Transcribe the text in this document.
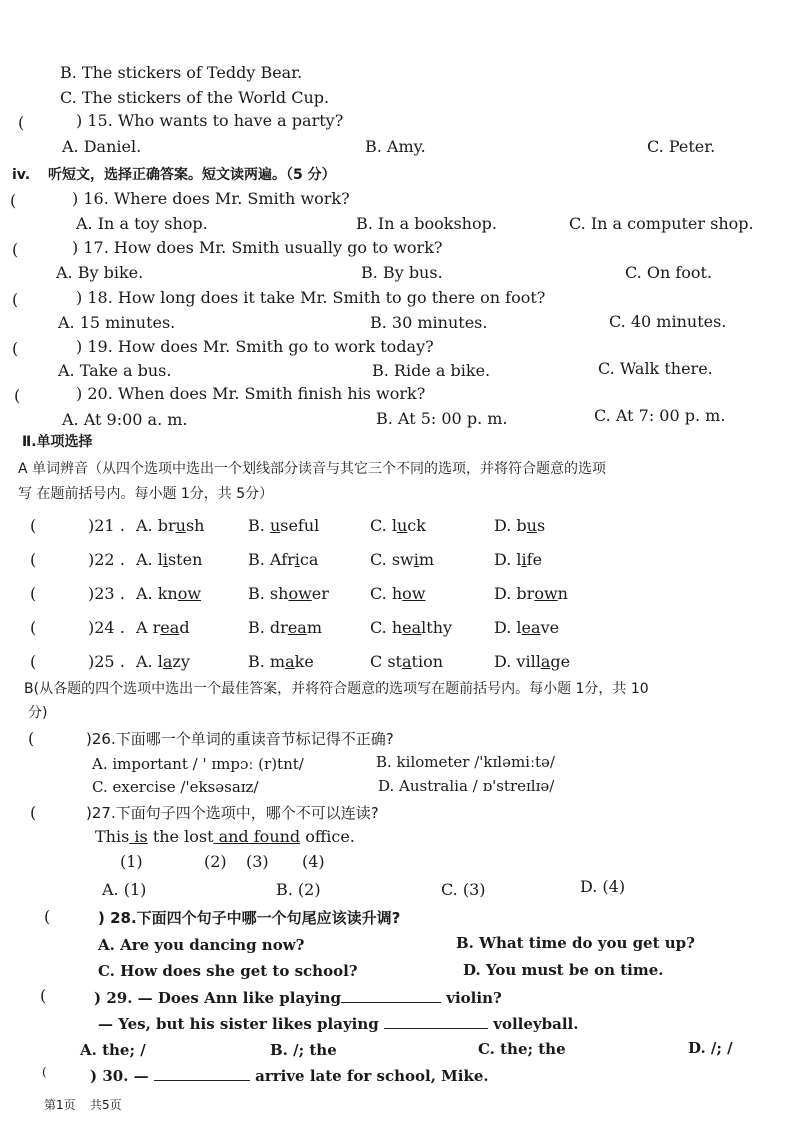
B. The stickers of Teddy Bear.
C. The stickers of the World Cup.
(	) 15. Who wants to have a party?
A. Daniel.	B. Amy.	C. Peter.
iv. 听短文，选择正确答案。短文读两遍。（5 分）
(	) 16. Where does Mr. Smith work?
A. In a toy shop.	B. In a bookshop.	C. In a computer shop.
(	) 17. How does Mr. Smith usually go to work?
A. By bike.	B. By bus.	C. On foot.
(	) 18. How long does it take Mr. Smith to go there on foot?
A. 15 minutes.	B. 30 minutes.	C. 40 minutes.
(	) 19. How does Mr. Smith go to work today?
A. Take a bus.	B. Ride a bike.	C. Walk there.
(	) 20. When does Mr. Smith finish his work?
A. At 9:00 a. m.	B. At 5: 00 p. m.	C. At 7: 00 p. m.
Ⅱ.单项选择
A 单词辨音（从四个选项中选出一个划线部分读音与其它三个不同的选项，并将符合题意的选项
写 在题前括号内。每小题 1分，共 5分）
(	)21 . A. brush	B. useful	C. luck	D. bus
(	)22 . A. listen	B. Africa	C. swim	D. life
(	)23 . A. know	B. shower	C. how	D. brown
(	)24 . A read	B. dream	C. healthy	D. leave
(	)25 . A. lazy	B. make	C station	D. village
B(从各题的四个选项中选出一个最佳答案，并将符合题意的选项写在题前括号内。每小题 1分，共 10
分)
(	)26.下面哪一个单词的重读音节标记得不正确?
A. important / ' ɪmpɔː (r)tnt/	B. kilometer /'kɪləmiːtə/
C. exercise /'eksəsaɪz/	D. Australia / ɒ'streɪlɪə/
(	)27.下面句子四个选项中，哪个不可以连读?
This is the lost and found office.
(1)	(2) (3) (4)
A. (1)	B. (2)	C. (3)	D. (4)
(	) 28.下面四个句子中哪一个句尾应该读升调?
A. Are you dancing now?	B. What time do you get up?
C. How does she get to school?	D. You must be on time.
(	) 29. — Does Ann like playing	violin?
— Yes, but his sister likes playing	volleyball.
A. the; /	B. /; the	C. the; the	D. /; /
(	) 30. —	arrive late for school, Mike.
第1页 共5页
